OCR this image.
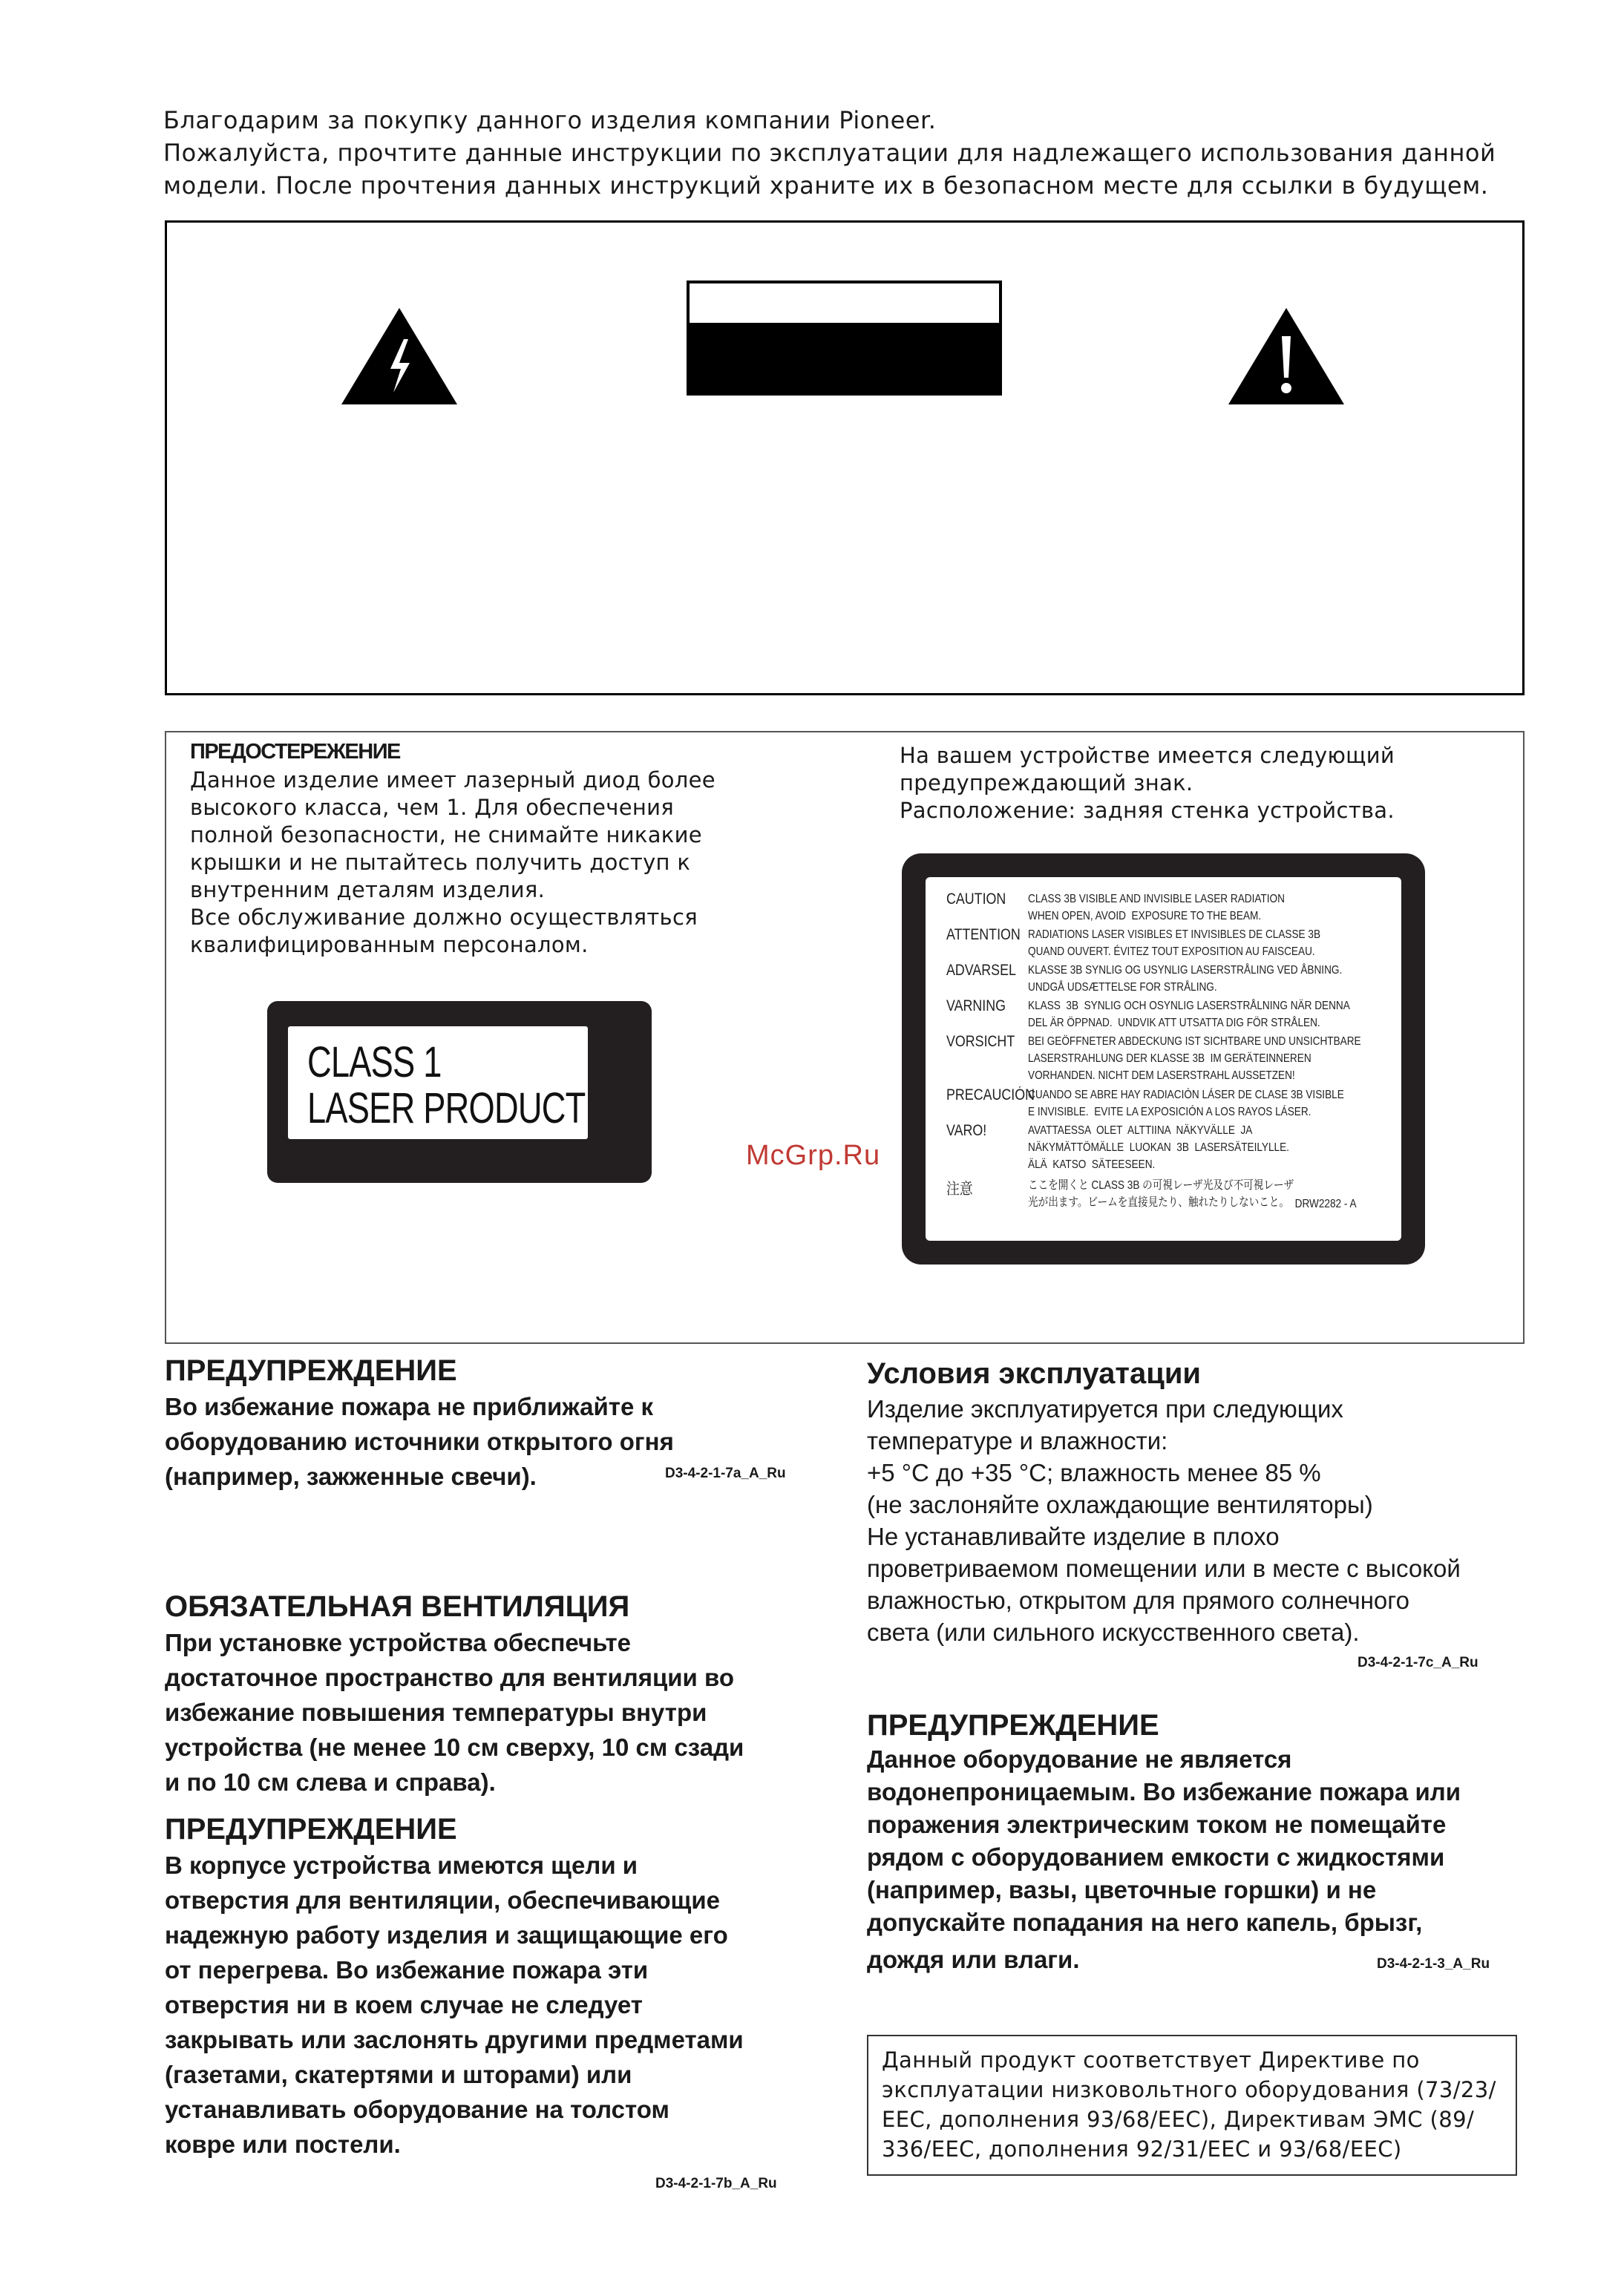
Благодарим за покупку данного изделия компании Pioneer.

Пожалуйста, прочтите данные инструкции по эксплуатации для надлежащего использования данной

модели. После прочтения данных инструкций храните их в безопасном месте для ссылки в будущем.

ПРЕДОСТЕРЕЖЕНИЕ

Данное изделие имеет лазерный диод более

высокого класса, чем 1. Для обеспечения

полной безопасности, не снимайте никакие

крышки и не пытайтесь получить доступ к

внутренним деталям изделия.

Все обслуживание должно осуществляться

квалифицированным персоналом.

CLASS 1
LASER PRODUCT

На вашем устройстве имеется следующий

предупреждающий знак.

Расположение: задняя стенка устройства.

CAUTION CLASS 3B VISIBLE AND INVISIBLE LASER RADIATION
WHEN OPEN, AVOID  EXPOSURE TO THE BEAM.
ATTENTION RADIATIONS LASER VISIBLES ET INVISIBLES DE CLASSE 3B
QUAND OUVERT. ÉVITEZ TOUT EXPOSITION AU FAISCEAU.
ADVARSEL KLASSE 3B SYNLIG OG USYNLIG LASERSTRÅLING VED ÅBNING.
UNDGÅ UDSÆTTELSE FOR STRÅLING.
VARNING KLASS  3B  SYNLIG OCH OSYNLIG LASERSTRÅLNING NÄR DENNA
DEL ÄR ÖPPNAD.  UNDVIK ATT UTSATTA DIG FÖR STRÅLEN.
VORSICHT BEI GEÖFFNETER ABDECKUNG IST SICHTBARE UND UNSICHTBARE
LASERSTRAHLUNG DER KLASSE 3B  IM GERÄTEINNEREN
VORHANDEN. NICHT DEM LASERSTRAHL AUSSETZEN!
PRECAUCIÓN
CUANDO SE ABRE HAY RADIACIÓN LÁSER DE CLASE 3B VISIBLE
E INVISIBLE.  EVITE LA EXPOSICIÓN A LOS RAYOS LÁSER.
VARO!	AVATTAESSA  OLET  ALTTIINA  NÄKYVÄLLE  JA
NÄKYMÄTTÖMÄLLE  LUOKAN  3B  LASERSÄTEILYLLE.
ÄLÄ  KATSO  SÄTEESEEN.
注意	ここを開くと CLASS 3B の可視レーザ光及び不可視レーザ
光が出ます。ビームを直接見たり、触れたりしないこと。 DRW2282 - A
McGrp.Ru
ПРЕДУПРЕЖДЕНИЕ

Во избежание пожара не приближайте к

оборудованию источники открытого огня

(например, зажженные свечи).	D3-4-2-1-7a_A_Ru
ОБЯЗАТЕЛЬНАЯ ВЕНТИЛЯЦИЯ

При установке устройства обеспечьте

достаточное пространство для вентиляции во

избежание повышения температуры внутри

устройства (не менее 10 см сверху, 10 см сзади

и по 10 см слева и справа).

ПРЕДУПРЕЖДЕНИЕ

В корпусе устройства имеются щели и

отверстия для вентиляции, обеспечивающие

надежную работу изделия и защищающие его

от перегрева. Во избежание пожара эти

отверстия ни в коем случае не следует

закрывать или заслонять другими предметами

(газетами, скатертями и шторами) или

устанавливать оборудование на толстом

ковре или постели.

D3-4-2-1-7b_A_Ru
Условия эксплуатации

Изделие эксплуатируется при следующих

температуре и влажности:

+5 °C до +35 °C; влажность менее 85 %

(не заслоняйте охлаждающие вентиляторы)

Не устанавливайте изделие в плохо

проветриваемом помещении или в месте с высокой

влажностью, открытом для прямого солнечного

света (или сильного искусственного света).

D3-4-2-1-7c_A_Ru
ПРЕДУПРЕЖДЕНИЕ

Данное оборудование не является

водонепроницаемым. Во избежание пожара или

поражения электрическим током не помещайте

рядом с оборудованием емкости с жидкостями

(например, вазы, цветочные горшки) и не

допускайте попадания на него капель, брызг,

дождя или влаги.	D3-4-2-1-3_A_Ru

Данный продукт соответствует Директиве по

эксплуатации низковольтного оборудования (73/23/

EEC, дополнения 93/68/EEC), Директивам ЭМС (89/

336/EEC, дополнения 92/31/EEC и 93/68/EEC)
